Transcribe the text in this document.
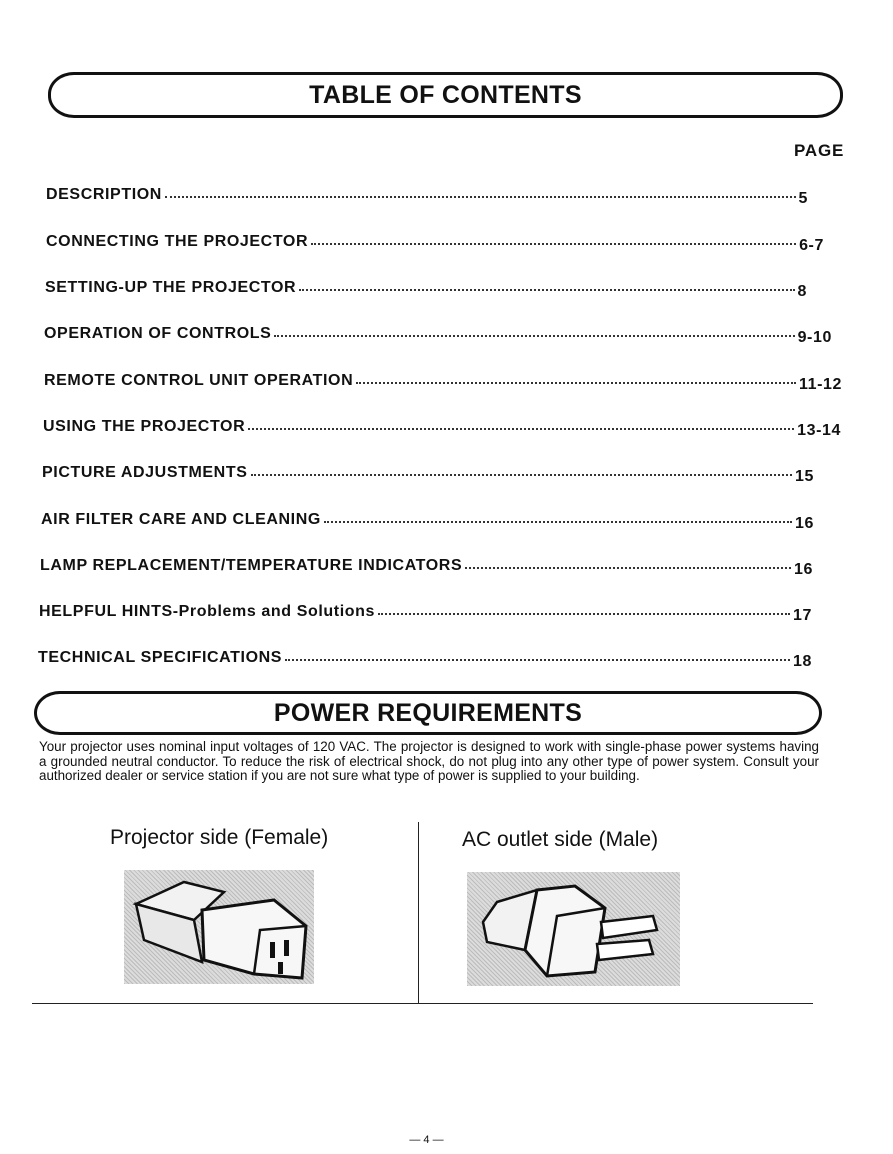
TABLE OF CONTENTS
PAGE
DESCRIPTION	5
CONNECTING THE PROJECTOR	6-7
SETTING-UP THE PROJECTOR	8
OPERATION OF CONTROLS	9-10
REMOTE CONTROL UNIT OPERATION	11-12
USING THE PROJECTOR	13-14
PICTURE ADJUSTMENTS	15
AIR FILTER CARE AND CLEANING	16
LAMP REPLACEMENT/TEMPERATURE INDICATORS	16
HELPFUL HINTS-Problems and Solutions	17
TECHNICAL SPECIFICATIONS	18
POWER REQUIREMENTS
Your projector uses nominal input voltages of 120 VAC. The projector is designed to work with single-phase power systems having a grounded neutral conductor. To reduce the risk of electrical shock, do not plug into any other type of power system. Consult your authorized dealer or service station if you are not sure what type of power is supplied to your building.
Projector side (Female)	AC outlet side (Male)
— 4 —
